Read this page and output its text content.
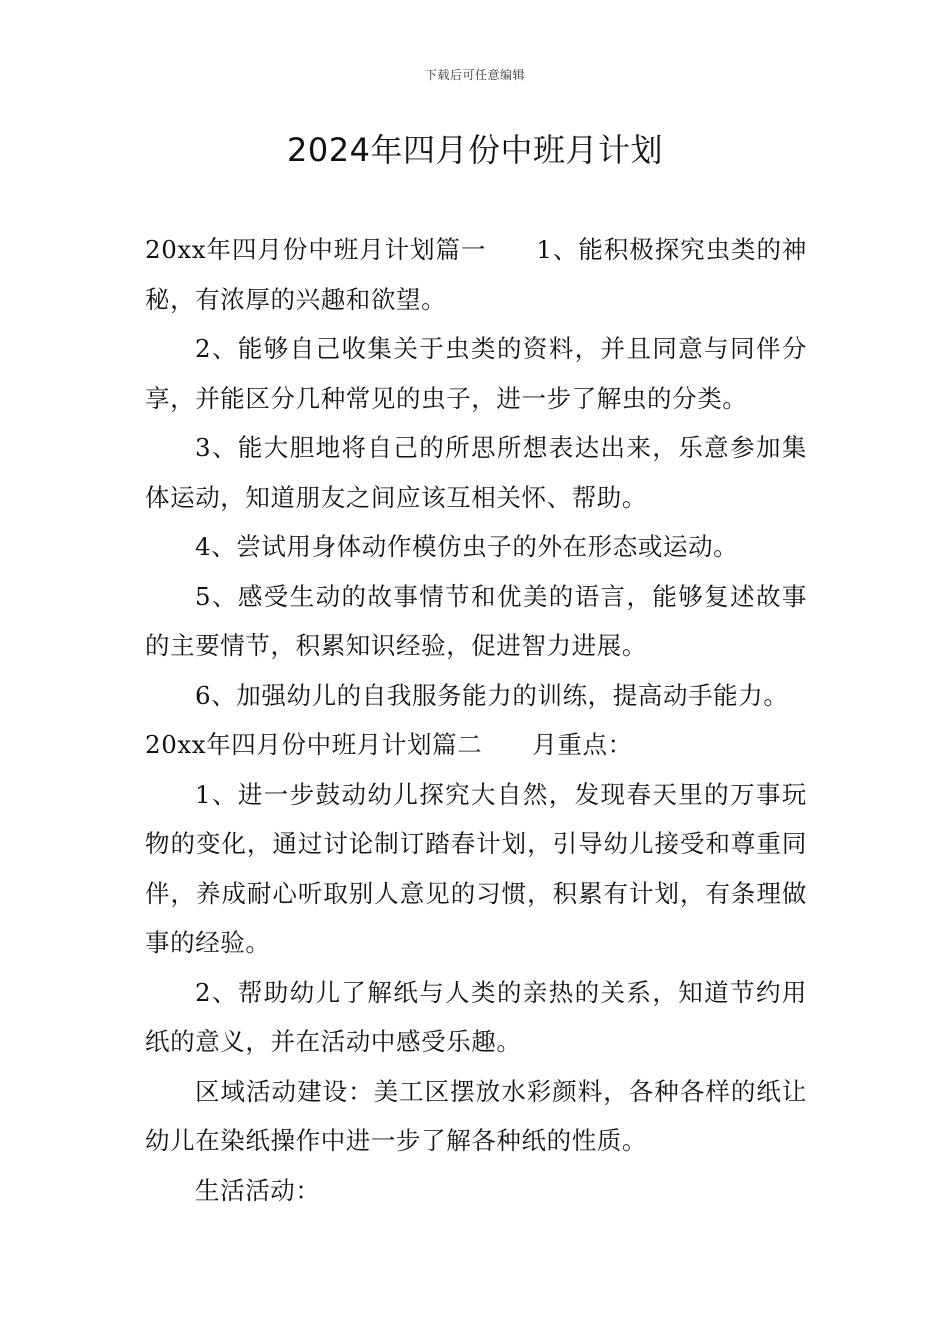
下载后可任意编辑
2024年四月份中班月计划

20xx年四月份中班月计划篇一 1、能积极探究虫类的神秘，有浓厚的兴趣和欲望。

2、能够自己收集关于虫类的资料，并且同意与同伴分享，并能区分几种常见的虫子，进一步了解虫的分类。

3、能大胆地将自己的所思所想表达出来，乐意参加集体运动，知道朋友之间应该互相关怀、帮助。

4、尝试用身体动作模仿虫子的外在形态或运动。

5、感受生动的故事情节和优美的语言，能够复述故事的主要情节，积累知识经验，促进智力进展。

6、加强幼儿的自我服务能力的训练，提高动手能力。

20xx年四月份中班月计划篇二 月重点：

1、进一步鼓动幼儿探究大自然，发现春天里的万事玩物的变化，通过讨论制订踏春计划，引导幼儿接受和尊重同伴，养成耐心听取别人意见的习惯，积累有计划，有条理做事的经验。

2、帮助幼儿了解纸与人类的亲热的关系，知道节约用纸的意义，并在活动中感受乐趣。

区域活动建设：美工区摆放水彩颜料，各种各样的纸让幼儿在染纸操作中进一步了解各种纸的性质。

生活活动：
